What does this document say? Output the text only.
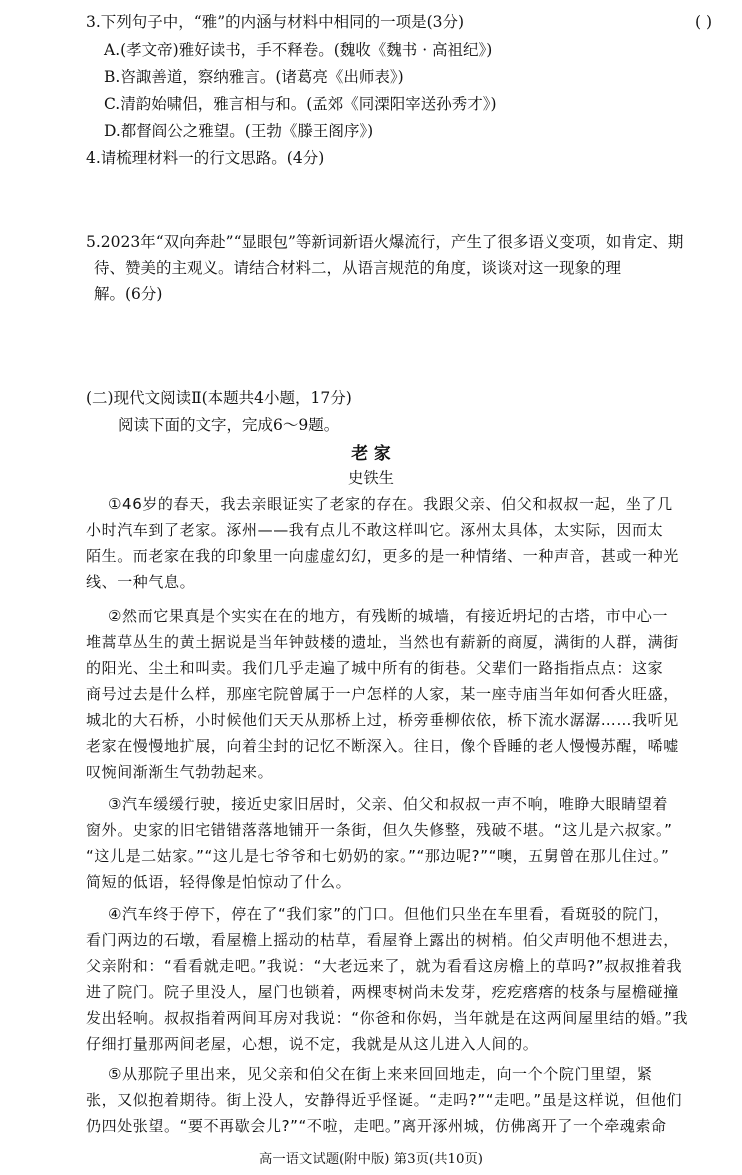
3.下列句子中，“雅”的内涵与材料中相同的一项是(3分)	( )
A.(孝文帝)雅好读书，手不释卷。(魏收《魏书 · 高祖纪》)
B.咨諏善道，察纳雅言。(诸葛亮《出师表》)
C.清韵始啸侣，雅言相与和。(孟郊《同溧阳宰送孙秀才》)
D.都督阎公之雅望。(王勃《滕王阁序》)
4.请梳理材料一的行文思路。(4分)
5.2023年“双向奔赴”“显眼包”等新词新语火爆流行，产生了很多语义变项，如肯定、期
待、赞美的主观义。请结合材料二，从语言规范的角度，谈谈对这一现象的理
解。(6分)
(二)现代文阅读Ⅱ(本题共4小题，17分)
阅读下面的文字，完成6～9题。
老 家
史铁生
①46岁的春天，我去亲眼证实了老家的存在。我跟父亲、伯父和叔叔一起，坐了几
小时汽车到了老家。涿州——我有点儿不敢这样叫它。涿州太具体，太实际，因而太
陌生。而老家在我的印象里一向虚虚幻幻，更多的是一种情绪、一种声音，甚或一种光
线、一种气息。
②然而它果真是个实实在在的地方，有残断的城墙，有接近坍圮的古塔，市中心一
堆蒿草丛生的黄土据说是当年钟鼓楼的遗址，当然也有薪新的商厦，满街的人群，满街
的阳光、尘土和叫卖。我们几乎走遍了城中所有的街巷。父辈们一路指指点点：这家
商号过去是什么样，那座宅院曾属于一户怎样的人家，某一座寺庙当年如何香火旺盛，
城北的大石桥，小时候他们天天从那桥上过，桥旁垂柳依依，桥下流水潺潺……我听见
老家在慢慢地扩展，向着尘封的记忆不断深入。往日，像个昏睡的老人慢慢苏醒，唏嘘
叹惋间渐渐生气勃勃起来。
③汽车缓缓行驶，接近史家旧居时，父亲、伯父和叔叔一声不响，唯睁大眼睛望着
窗外。史家的旧宅错错落落地铺开一条街，但久失修整，残破不堪。“这儿是六叔家。”
“这儿是二姑家。”“这儿是七爷爷和七奶奶的家。”“那边呢?”“噢，五舅曾在那儿住过。”
简短的低语，轻得像是怕惊动了什么。
④汽车终于停下，停在了“我们家”的门口。但他们只坐在车里看，看斑驳的院门，
看门两边的石墩，看屋檐上摇动的枯草，看屋脊上露出的树梢。伯父声明他不想进去，
父亲附和：“看看就走吧。”我说：“大老远来了，就为看看这房檐上的草吗?”叔叔推着我
进了院门。院子里没人，屋门也锁着，两棵枣树尚未发芽，疙疙瘩瘩的枝条与屋檐碰撞
发出轻响。叔叔指着两间耳房对我说：“你爸和你妈，当年就是在这两间屋里结的婚。”我
仔细打量那两间老屋，心想，说不定，我就是从这儿进入人间的。
⑤从那院子里出来，见父亲和伯父在街上来来回回地走，向一个个院门里望，紧
张，又似抱着期待。街上没人，安静得近乎怪诞。“走吗?”“走吧。”虽是这样说，但他们
仍四处张望。“要不再歇会儿?”“不啦，走吧。”离开涿州城，仿佛离开了一个牵魂索命
高一语文试题(附中版) 第3页(共10页)
